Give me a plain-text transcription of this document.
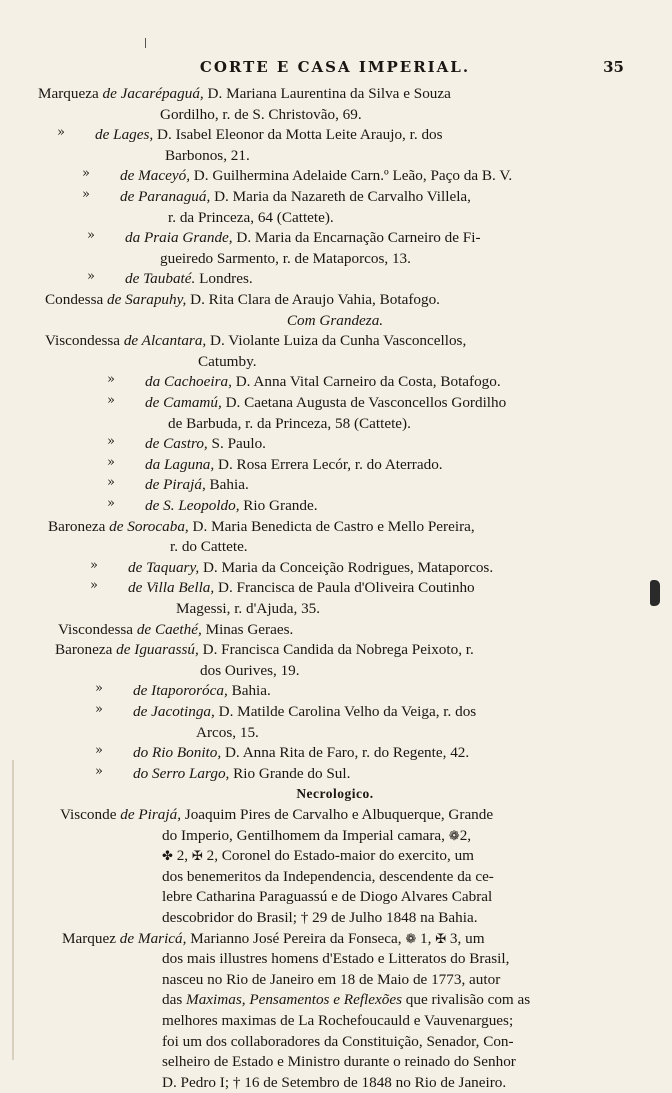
CORTE E CASA IMPERIAL.	35
Marqueza de Jacarépaguá, D. Mariana Laurentina da Silva e Souza
Gordilho, r. de S. Christovão, 69.
de Lages, D. Isabel Eleonor da Motta Leite Araujo, r. dos
»
Barbonos, 21.
de Maceyó, D. Guilhermina Adelaide Carn.º Leão, Paço da B. V.
»
de Paranaguá, D. Maria da Nazareth de Carvalho Villela,
»
r. da Princeza, 64 (Cattete).
da Praia Grande, D. Maria da Encarnação Carneiro de Fi-
»
gueiredo Sarmento, r. de Mataporcos, 13.
de Taubaté. Londres.
»
Condessa de Sarapuhy, D. Rita Clara de Araujo Vahia, Botafogo.
Com Grandeza.
Viscondessa de Alcantara, D. Violante Luiza da Cunha Vasconcellos,
Catumby.
da Cachoeira, D. Anna Vital Carneiro da Costa, Botafogo.
»
de Camamú, D. Caetana Augusta de Vasconcellos Gordilho
»
de Barbuda, r. da Princeza, 58 (Cattete).
de Castro, S. Paulo.
»
da Laguna, D. Rosa Errera Lecór, r. do Aterrado.
»
de Pirajá, Bahia.
»
de S. Leopoldo, Rio Grande.
»
Baroneza de Sorocaba, D. Maria Benedicta de Castro e Mello Pereira,
r. do Cattete.
de Taquary, D. Maria da Conceição Rodrigues, Mataporcos.
»
de Villa Bella, D. Francisca de Paula d'Oliveira Coutinho
»
Magessi, r. d'Ajuda, 35.
Viscondessa de Caethé, Minas Geraes.
Baroneza de Iguarassú, D. Francisca Candida da Nobrega Peixoto, r.
dos Ourives, 19.
de Itapororóca, Bahia.
»
de Jacotinga, D. Matilde Carolina Velho da Veiga, r. dos
»
Arcos, 15.
do Rio Bonito, D. Anna Rita de Faro, r. do Regente, 42.
»
do Serro Largo, Rio Grande do Sul.
»
Necrologico.
Visconde de Pirajá, Joaquim Pires de Carvalho e Albuquerque, Grande
do Imperio, Gentilhomem da Imperial camara, ❁2,
✤ 2, ✠ 2, Coronel do Estado-maior do exercito, um
dos benemeritos da Independencia, descendente da ce-
lebre Catharina Paraguassú e de Diogo Alvares Cabral
descobridor do Brasil; † 29 de Julho 1848 na Bahia.
Marquez de Maricá, Marianno José Pereira da Fonseca, ❁ 1, ✠ 3, um
dos mais illustres homens d'Estado e Litteratos do Brasil,
nasceu no Rio de Janeiro em 18 de Maio de 1773, autor
das Maximas, Pensamentos e Reflexões que rivalisão com as
melhores maximas de La Rochefoucauld e Vauvenargues;
foi um dos collaboradores da Constituição, Senador, Con-
selheiro de Estado e Ministro durante o reinado do Senhor
D. Pedro I; † 16 de Setembro de 1848 no Rio de Janeiro.
